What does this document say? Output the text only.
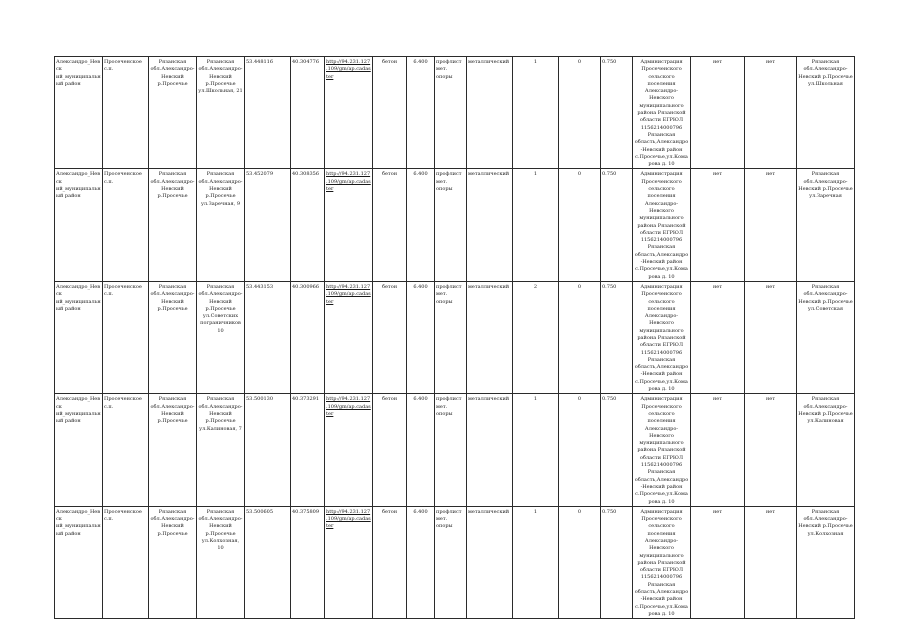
Александро_Невск ий_муниципальный район	Просеченское с.п.	Рязанская обл.Александро-Невский р.Просечье	Рязанская обл.Александро-Невский р.Просечье ул.Школьная, 21	53.448116	40.304776	http://94.231.127.109/gm/ap.cadaster	бетон	6.400	профлист мет. опоры	металлический	1	0	0.750	Администрация Просеченского сельского поселения Александро-Невского муниципального района Рязанской области ЕГРЮЛ 1156214000796 Рязанская область,Александро-Невский район с.Просечье,ул.Комарова д. 10	нет	нет	Рязанская обл.Александро-Невский р.Просечье ул.Школьная
Александро_Невск ий_муниципальный район	Просеченское с.п.	Рязанская обл.Александро-Невский р.Просечье	Рязанская обл.Александро-Невский р.Просечье ул.Заречная, 9	53.452079	40.308356	http://94.231.127.109/gm/ap.cadaster	бетон	6.400	профлист мет. опоры	металлический	1	0	0.750	Администрация Просеченского сельского поселения Александро-Невского муниципального района Рязанской области ЕГРЮЛ 1156214000796 Рязанская область,Александро-Невский район с.Просечье,ул.Комарова д. 10	нет	нет	Рязанская обл.Александро-Невский р.Просечье ул.Заречная
Александро_Невск ий_муниципальный район	Просеченское с.п.	Рязанская обл.Александро-Невский р.Просечье	Рязанская обл.Александро-Невский р.Просечье ул.Советских пограничников 10	53.443153	40.300966	http://94.231.127.109/gm/ap.cadaster	бетон	6.400	профлист мет. опоры	металлический	2	0	0.750	Администрация Просеченского сельского поселения Александро-Невского муниципального района Рязанской области ЕГРЮЛ 1156214000796 Рязанская область,Александро-Невский район с.Просечье,ул.Комарова д. 10	нет	нет	Рязанская обл.Александро-Невский р.Просечье ул.Советская
Александро_Невск ий_муниципальный район	Просеченское с.п.	Рязанская обл.Александро-Невский р.Просечье	Рязанская обл.Александро-Невский р.Просечье ул.Калиновая, 7	53.500130	40.373291	http://94.231.127.109/gm/ap.cadaster	бетон	6.400	профлист мет. опоры	металлический	1	0	0.750	Администрация Просеченского сельского поселения Александро-Невского муниципального района Рязанской области ЕГРЮЛ 1156214000796 Рязанская область,Александро-Невский район с.Просечье,ул.Комарова д. 10	нет	нет	Рязанская обл.Александро-Невский р.Просечье ул.Калиновая
Александро_Невск ий_муниципальный район	Просеченское с.п.	Рязанская обл.Александро-Невский р.Просечье	Рязанская обл.Александро-Невский р.Просечье ул.Колхозная, 10	53.500605	40.375809	http://94.231.127.109/gm/ap.cadaster	бетон	6.400	профлист мет. опоры	металлический	1	0	0.750	Администрация Просеченского сельского поселения Александро-Невского муниципального района Рязанской области ЕГРЮЛ 1156214000796 Рязанская область,Александро-Невский район с.Просечье,ул.Комарова д. 10	нет	нет	Рязанская обл.Александро-Невский р.Просечье ул.Колхозная
